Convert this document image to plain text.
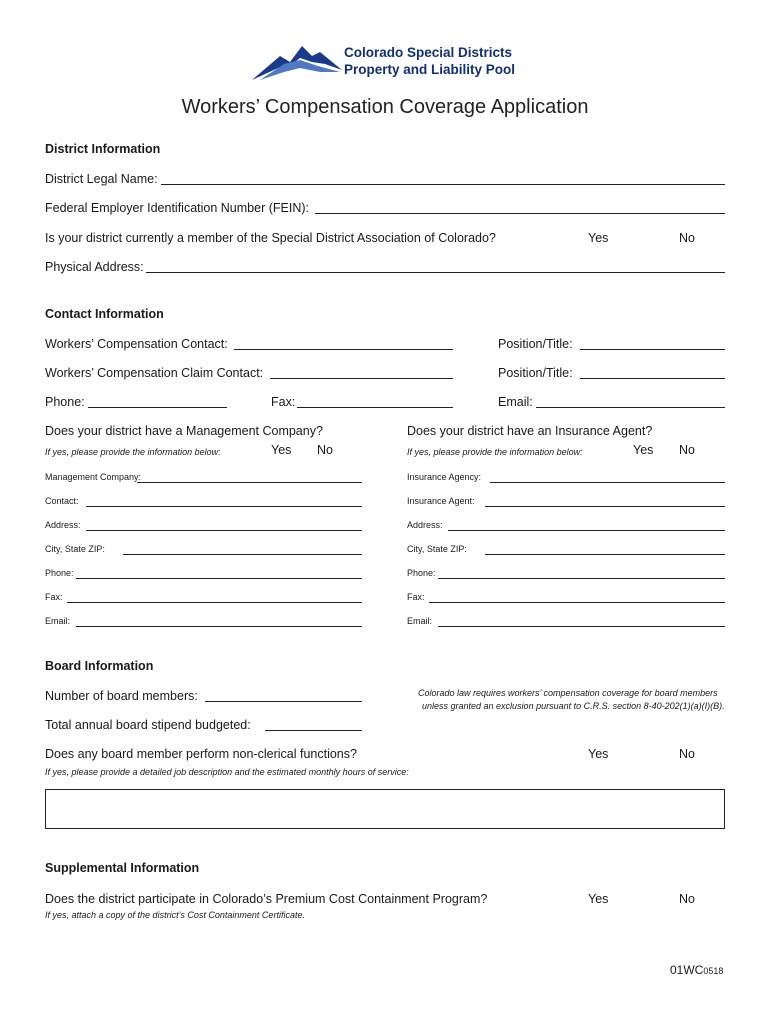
Colorado Special Districts
Property and Liability Pool
Workers’ Compensation Coverage Application
District Information
District Legal Name:
Federal Employer Identification Number (FEIN):
Is your district currently a member of the Special District Association of Colorado?	Yes	No
Physical Address:
Contact Information
Workers’ Compensation Contact:	Position/Title:
Workers’ Compensation Claim Contact:	Position/Title:
Phone:	Fax:	Email:
Does your district have a Management Company?
If yes, please provide the information below:	Yes No
Management Company:
Contact:
Address:
City, State ZIP:
Phone:
Fax:
Email:
Does your district have an Insurance Agent?
If yes, please provide the information below:	Yes No
Insurance Agency:
Insurance Agent:
Address:
City, State ZIP:
Phone:
Fax:
Email:
Board Information
Number of board members:	Colorado law requires workers’ compensation coverage for board members
unless granted an exclusion pursuant to C.R.S. section 8-40-202(1)(a)(I)(B).
Total annual board stipend budgeted:
Does any board member perform non-clerical functions?	Yes	No
If yes, please provide a detailed job description and the estimated monthly hours of service:
Supplemental Information
Does the district participate in Colorado’s Premium Cost Containment Program?	Yes	No
If yes, attach a copy of the district’s Cost Containment Certificate.
01WC0518
